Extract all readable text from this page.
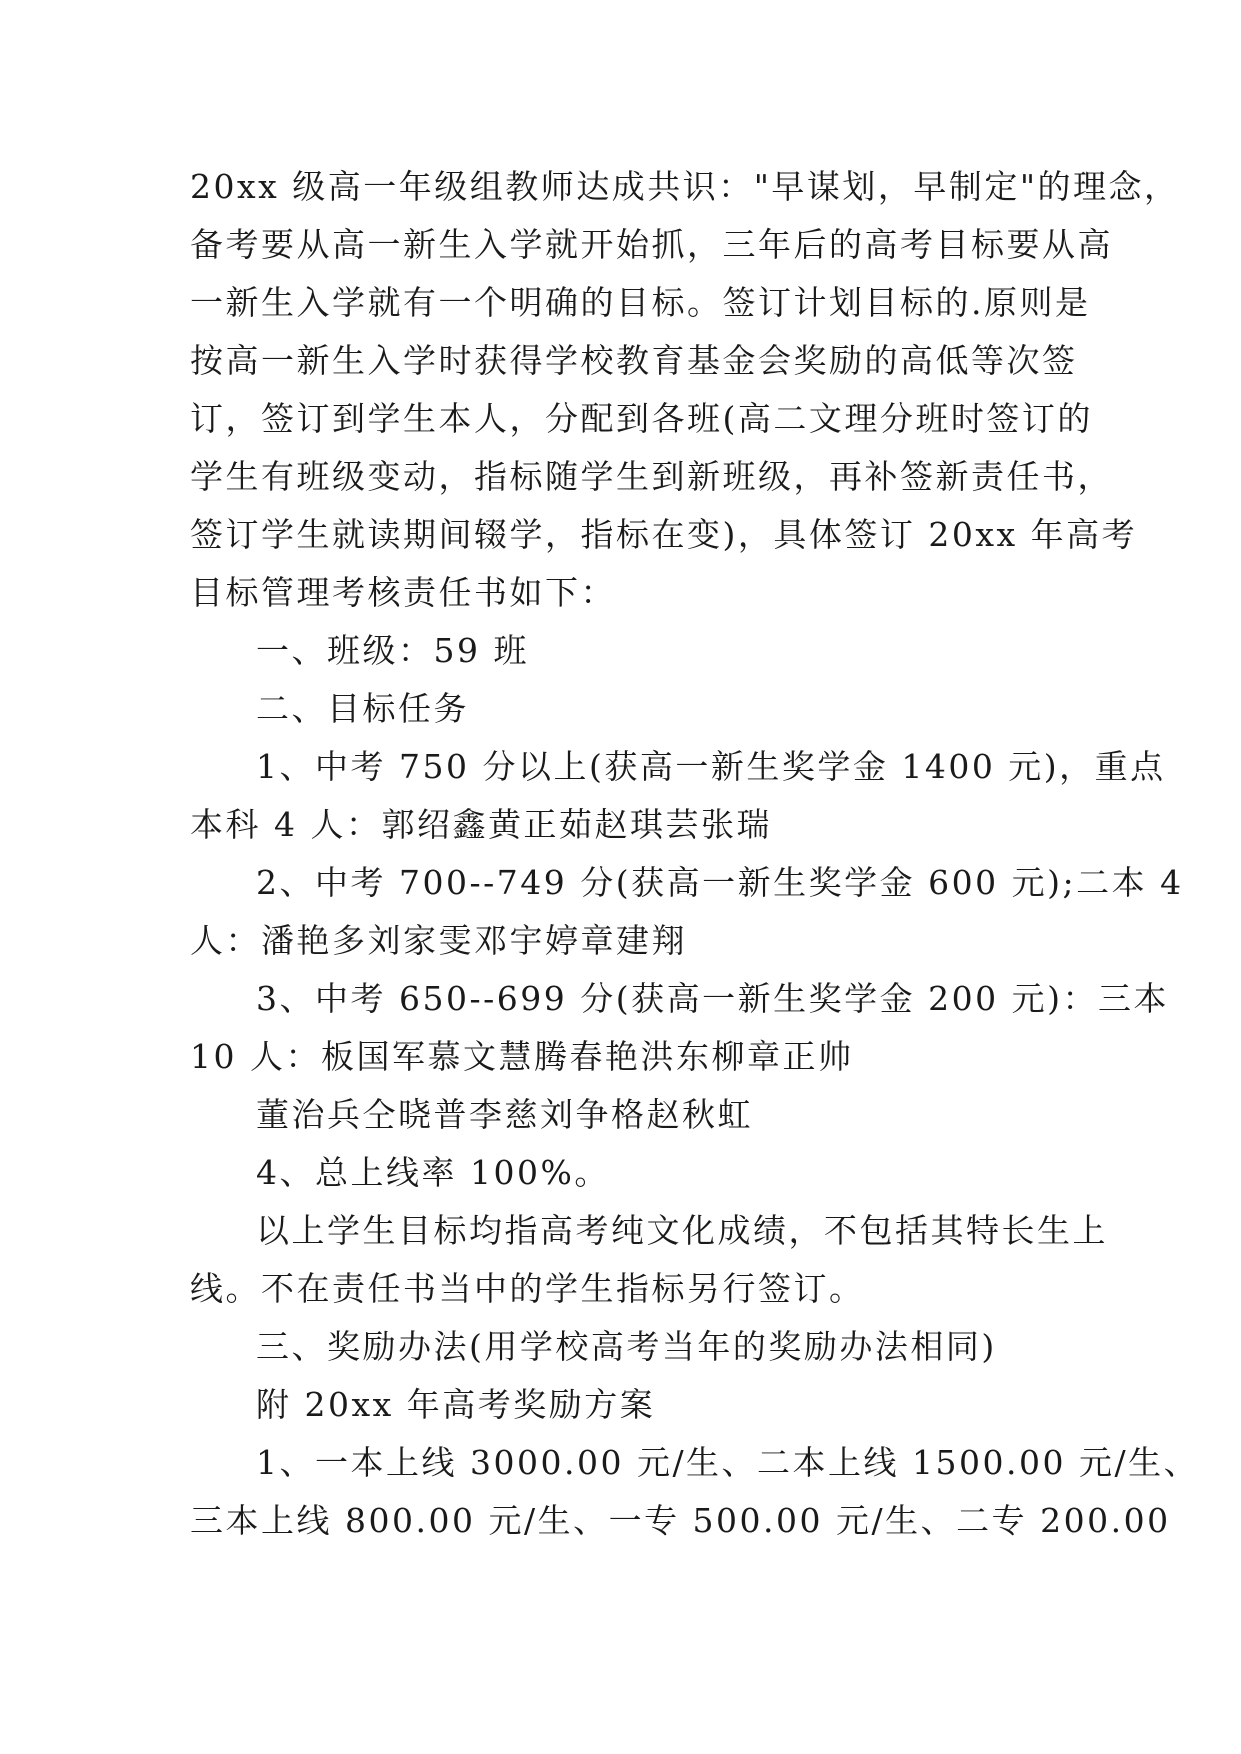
20xx 级高一年级组教师达成共识："早谋划，早制定"的理念，
备考要从高一新生入学就开始抓，三年后的高考目标要从高
一新生入学就有一个明确的目标。签订计划目标的.原则是
按高一新生入学时获得学校教育基金会奖励的高低等次签
订，签订到学生本人，分配到各班(高二文理分班时签订的
学生有班级变动，指标随学生到新班级，再补签新责任书，
签订学生就读期间辍学，指标在变)，具体签订 20xx 年高考
目标管理考核责任书如下：
一、班级：59 班
二、目标任务
1、中考 750 分以上(获高一新生奖学金 1400 元)，重点
本科 4 人：郭绍鑫黄正茹赵琪芸张瑞
2、中考 700--749 分(获高一新生奖学金 600 元);二本 4
人：潘艳多刘家雯邓宇婷章建翔
3、中考 650--699 分(获高一新生奖学金 200 元)：三本
10 人：板国军慕文慧腾春艳洪东柳章正帅
董治兵仝晓普李慈刘争格赵秋虹
4、总上线率 100%。
以上学生目标均指高考纯文化成绩，不包括其特长生上
线。不在责任书当中的学生指标另行签订。
三、奖励办法(用学校高考当年的奖励办法相同)
附 20xx 年高考奖励方案
1、一本上线 3000.00 元/生、二本上线 1500.00 元/生、
三本上线 800.00 元/生、一专 500.00 元/生、二专 200.00
